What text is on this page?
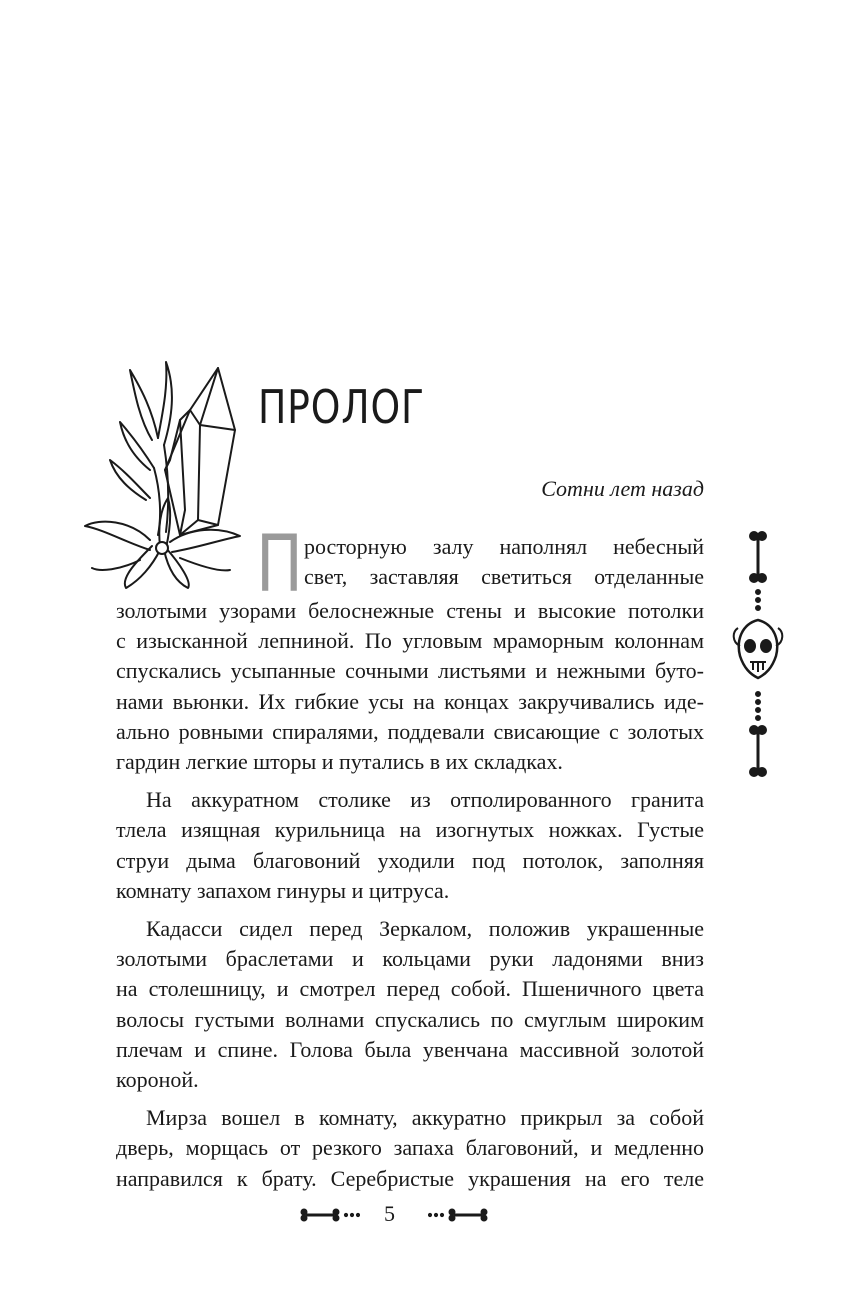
ПРОЛОГ

Сотни лет назад

П росторную залу наполнял небесный
свет, заставляя светиться отделанные
золотыми узорами белоснежные стены и высокие потолки
с изысканной лепниной. По угловым мраморным колоннам
спускались усыпанные сочными листьями и нежными буто-
нами вьюнки. Их гибкие усы на концах закручивались иде-
ально ровными спиралями, поддевали свисающие с золотых
гардин легкие шторы и путались в их складках.
На аккуратном столике из отполированного гранита
тлела изящная курильница на изогнутых ножках. Густые
струи дыма благовоний уходили под потолок, заполняя
комнату запахом гинуры и цитруса.
Кадасси сидел перед Зеркалом, положив украшенные
золотыми браслетами и кольцами руки ладонями вниз
на столешницу, и смотрел перед собой. Пшеничного цвета
волосы густыми волнами спускались по смуглым широким
плечам и спине. Голова была увенчана массивной золотой
короной.
Мирза вошел в комнату, аккуратно прикрыл за собой
дверь, морщась от резкого запаха благовоний, и медленно
направился к брату. Серебристые украшения на его теле
5
